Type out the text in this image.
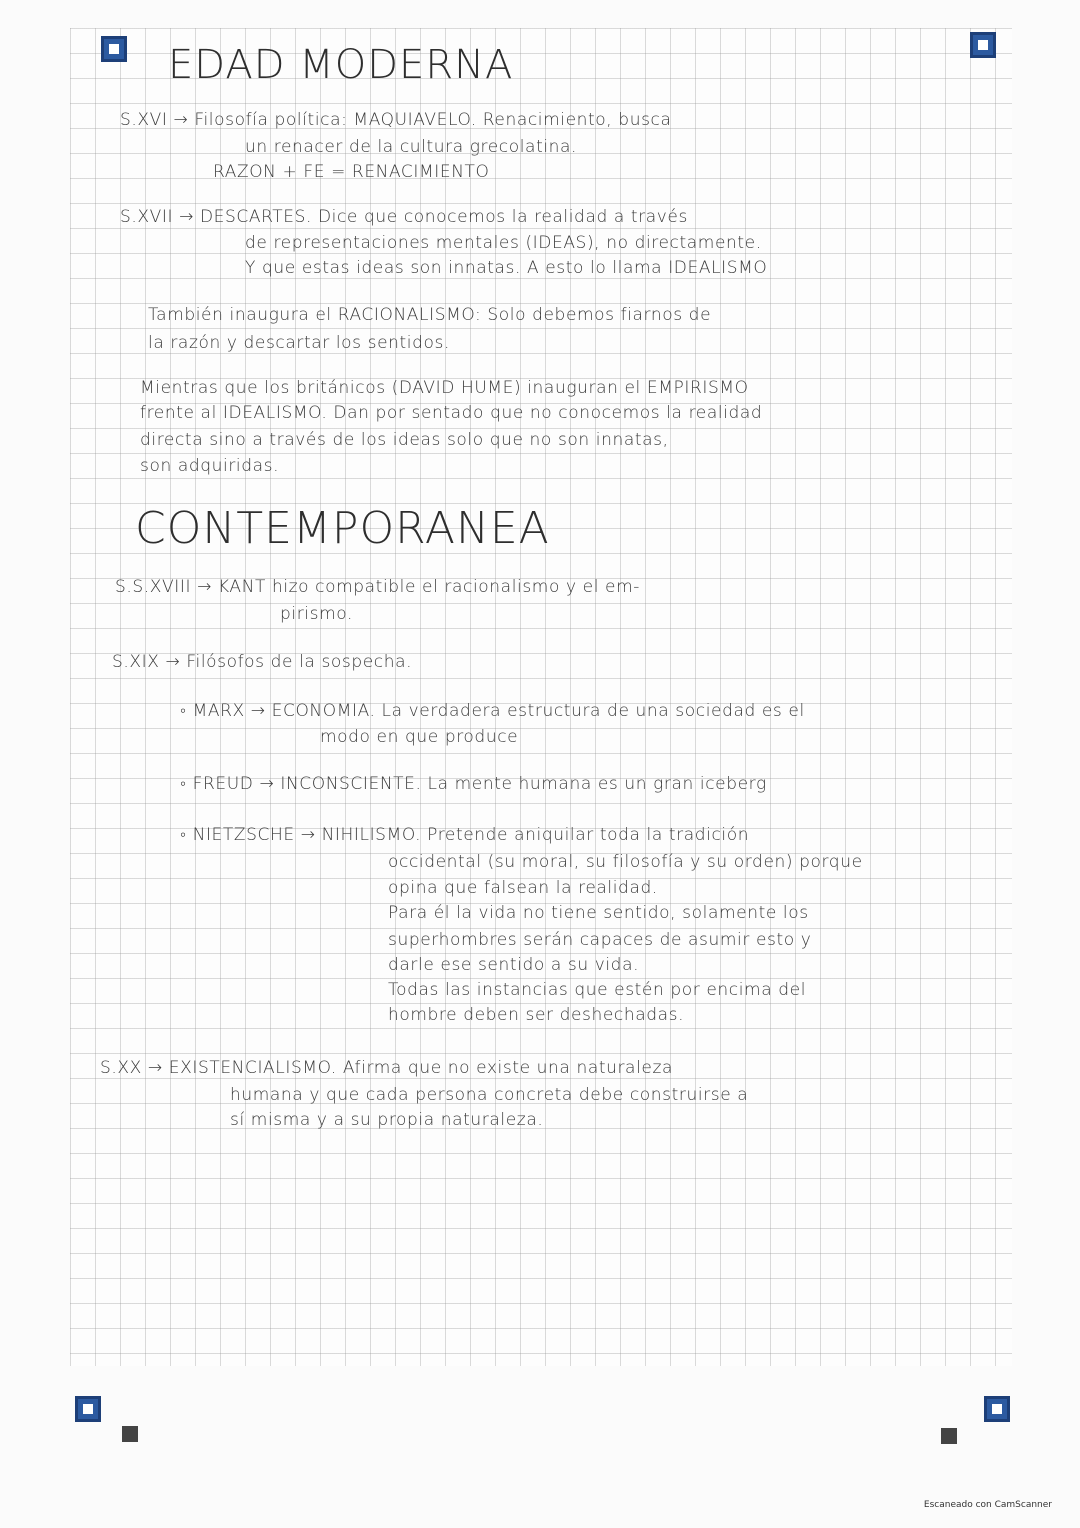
EDAD MODERNA
CONTEMPORANEA
S.XVI → Filosofía política: MAQUIAVELO. Renacimiento, busca
un renacer de la cultura grecolatina.
RAZON + FE = RENACIMIENTO
S.XVII → DESCARTES. Dice que conocemos la realidad a través
de representaciones mentales (IDEAS), no directamente.
Y que estas ideas son innatas. A esto lo llama IDEALISMO
También inaugura el RACIONALISMO: Solo debemos fiarnos de
la razón y descartar los sentidos.
Mientras que los británicos (DAVID HUME) inauguran el EMPIRISMO
frente al IDEALISMO. Dan por sentado que no conocemos la realidad
directa sino a través de los ideas solo que no son innatas,
son adquiridas.
S.S.XVIII → KANT hizo compatible el racionalismo y el em-
pirismo.
S.XIX → Filósofos de la sospecha.
◦ MARX → ECONOMIA. La verdadera estructura de una sociedad es el
modo en que produce
◦ FREUD → INCONSCIENTE. La mente humana es un gran iceberg
◦ NIETZSCHE → NIHILISMO. Pretende aniquilar toda la tradición
occidental (su moral, su filosofía y su orden) porque
opina que falsean la realidad.
Para él la vida no tiene sentido, solamente los
superhombres serán capaces de asumir esto y
darle ese sentido a su vida.
Todas las instancias que estén por encima del
hombre deben ser deshechadas.
S.XX → EXISTENCIALISMO. Afirma que no existe una naturaleza
humana y que cada persona concreta debe construirse a
sí misma y a su propia naturaleza.
Escaneado con CamScanner
